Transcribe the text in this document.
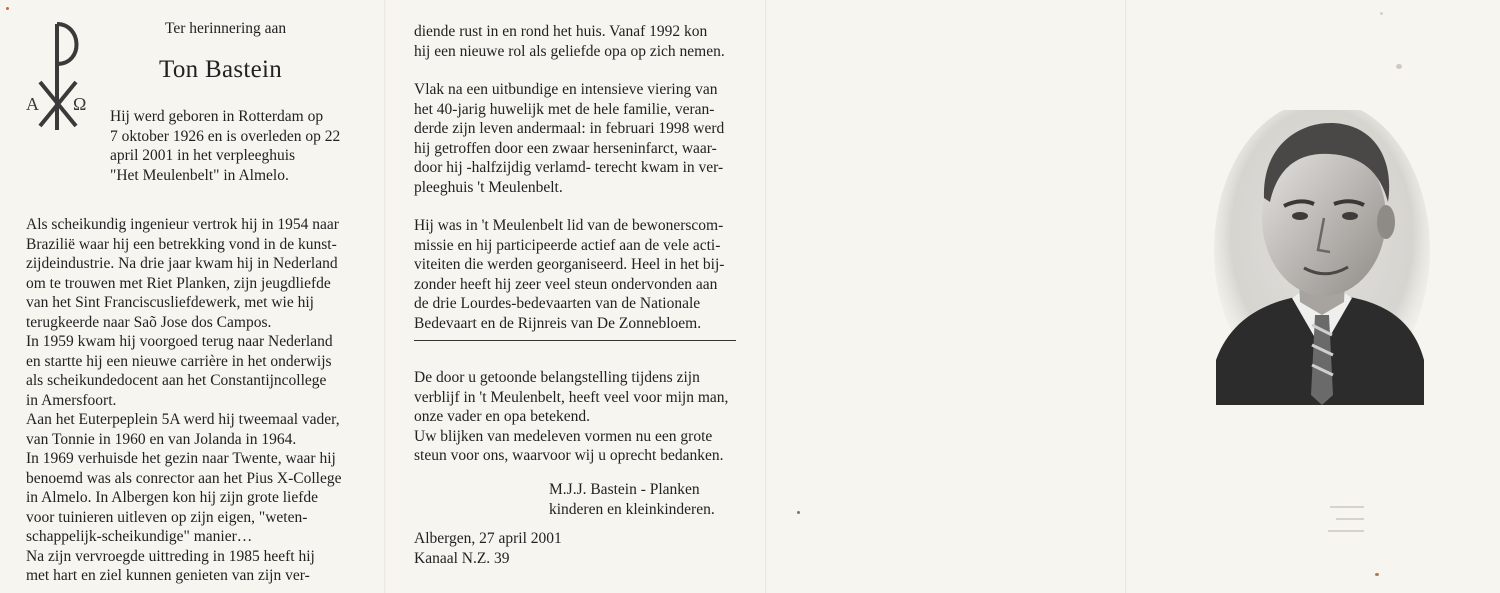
A Ω
Ter herinnering aan
Ton Bastein

Hij werd geboren in Rotterdam op

7 oktober 1926 en is overleden op 22

april 2001 in het verpleeghuis

"Het Meulenbelt" in Almelo.

Als scheikundig ingenieur vertrok hij in 1954 naar

Brazilië waar hij een betrekking vond in de kunst-

zijdeindustrie. Na drie jaar kwam hij in Nederland

om te trouwen met Riet Planken, zijn jeugdliefde

van het Sint Franciscusliefdewerk, met wie hij

terugkeerde naar Saõ Jose dos Campos.

In 1959 kwam hij voorgoed terug naar Nederland

en startte hij een nieuwe carrière in het onderwijs

als scheikundedocent aan het Constantijncollege

in Amersfoort.

Aan het Euterpeplein 5A werd hij tweemaal vader,

van Tonnie in 1960 en van Jolanda in 1964.

In 1969 verhuisde het gezin naar Twente, waar hij

benoemd was als conrector aan het Pius X-College

in Almelo. In Albergen kon hij zijn grote liefde

voor tuinieren uitleven op zijn eigen, "weten-

schappelijk-scheikundige" manier…

Na zijn vervroegde uittreding in 1985 heeft hij

met hart en ziel kunnen genieten van zijn ver-

diende rust in en rond het huis. Vanaf 1992 kon

hij een nieuwe rol als geliefde opa op zich nemen.

Vlak na een uitbundige en intensieve viering van

het 40-jarig huwelijk met de hele familie, veran-

derde zijn leven andermaal: in februari 1998 werd

hij getroffen door een zwaar herseninfarct, waar-

door hij -halfzijdig verlamd- terecht kwam in ver-

pleeghuis 't Meulenbelt.

Hij was in 't Meulenbelt lid van de bewonerscom-

missie en hij participeerde actief aan de vele acti-

viteiten die werden georganiseerd. Heel in het bij-

zonder heeft hij zeer veel steun ondervonden aan

de drie Lourdes-bedevaarten van de Nationale

Bedevaart en de Rijnreis van De Zonnebloem.

De door u getoonde belangstelling tijdens zijn

verblijf in 't Meulenbelt, heeft veel voor mijn man,

onze vader en opa betekend.

Uw blijken van medeleven vormen nu een grote

steun voor ons, waarvoor wij u oprecht bedanken.

M.J.J. Bastein - Planken
kinderen en kleinkinderen.
Albergen, 27 april 2001
Kanaal N.Z. 39
